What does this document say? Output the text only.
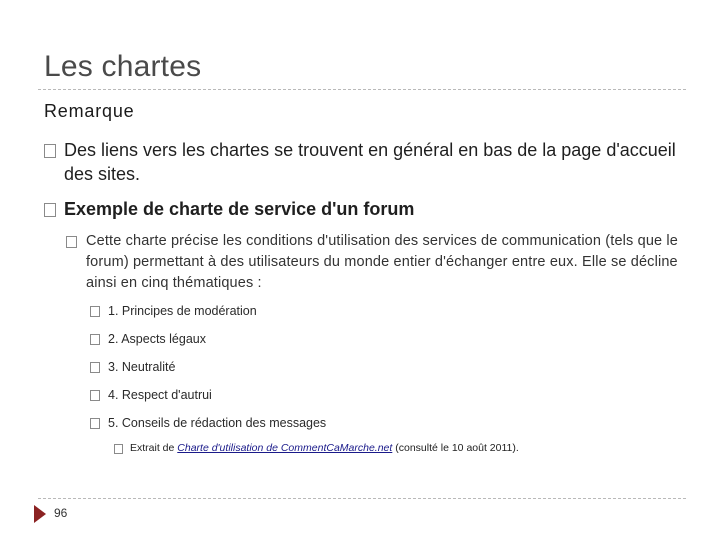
Les chartes
Remarque
Des liens vers les chartes se trouvent en général en bas de la page d'accueil des sites.
Exemple de charte de service d'un forum
Cette charte précise les conditions d'utilisation des services de communication (tels que le forum) permettant à des utilisateurs du monde entier d'échanger entre eux. Elle se décline ainsi en cinq thématiques :
1. Principes de modération
2. Aspects légaux
3. Neutralité
4. Respect d'autrui
5. Conseils de rédaction des messages
Extrait de Charte d'utilisation de CommentCaMarche.net (consulté le 10 août 2011).
96
